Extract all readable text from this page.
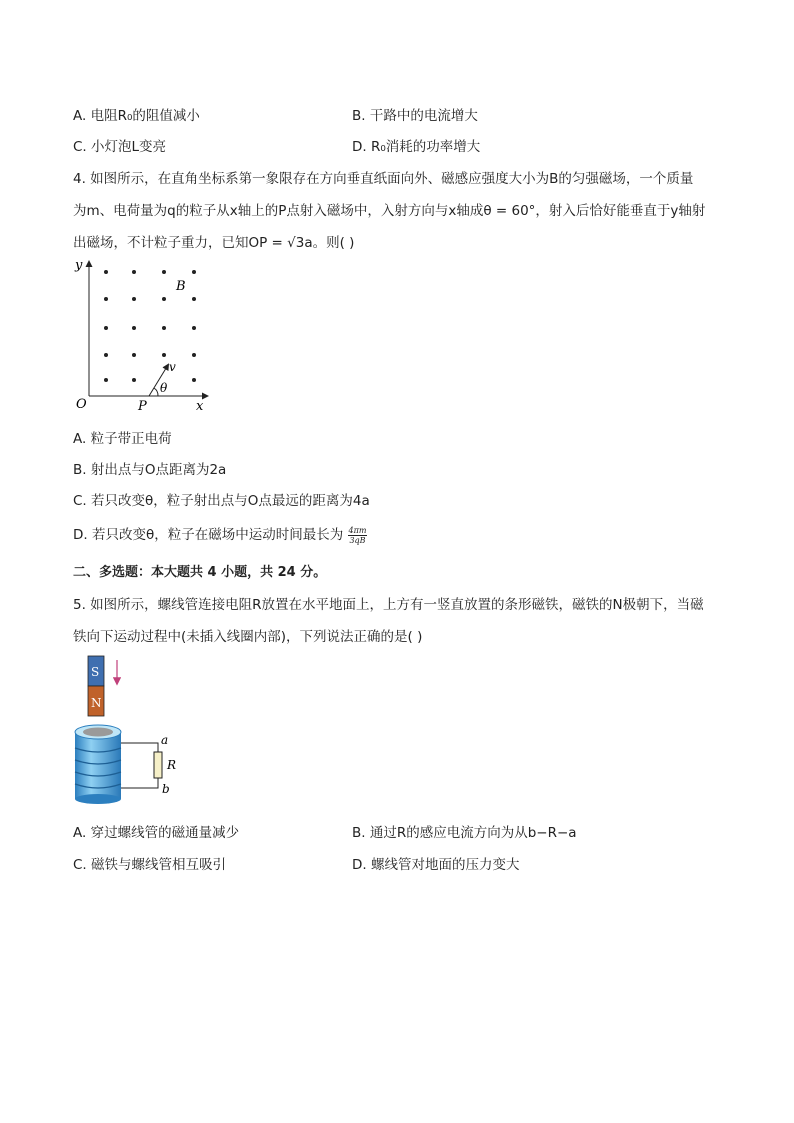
A. 电阻R₀的阻值减小	B. 干路中的电流增大
C. 小灯泡L变亮	D. R₀消耗的功率增大
4. 如图所示，在直角坐标系第一象限存在方向垂直纸面向外、磁感应强度大小为B的匀强磁场，一个质量
为m、电荷量为q的粒子从x轴上的P点射入磁场中，入射方向与x轴成θ = 60°，射入后恰好能垂直于y轴射
出磁场，不计粒子重力，已知OP = √3a。则( )
y
x
O	P
B
v
θ
A. 粒子带正电荷
B. 射出点与O点距离为2a
C. 若只改变θ，粒子射出点与O点最远的距离为4a
D. 若只改变θ，粒子在磁场中运动时间最长为 $\frac{4\pi m}{3qB}$
二、多选题：本大题共 4 小题，共 24 分。
5. 如图所示，螺线管连接电阻R放置在水平地面上，上方有一竖直放置的条形磁铁，磁铁的N极朝下，当磁
铁向下运动过程中(未插入线圈内部)，下列说法正确的是( )
S
N
a
R
b
A. 穿过螺线管的磁通量减少	B. 通过R的感应电流方向为从b−R−a
C. 磁铁与螺线管相互吸引	D. 螺线管对地面的压力变大
